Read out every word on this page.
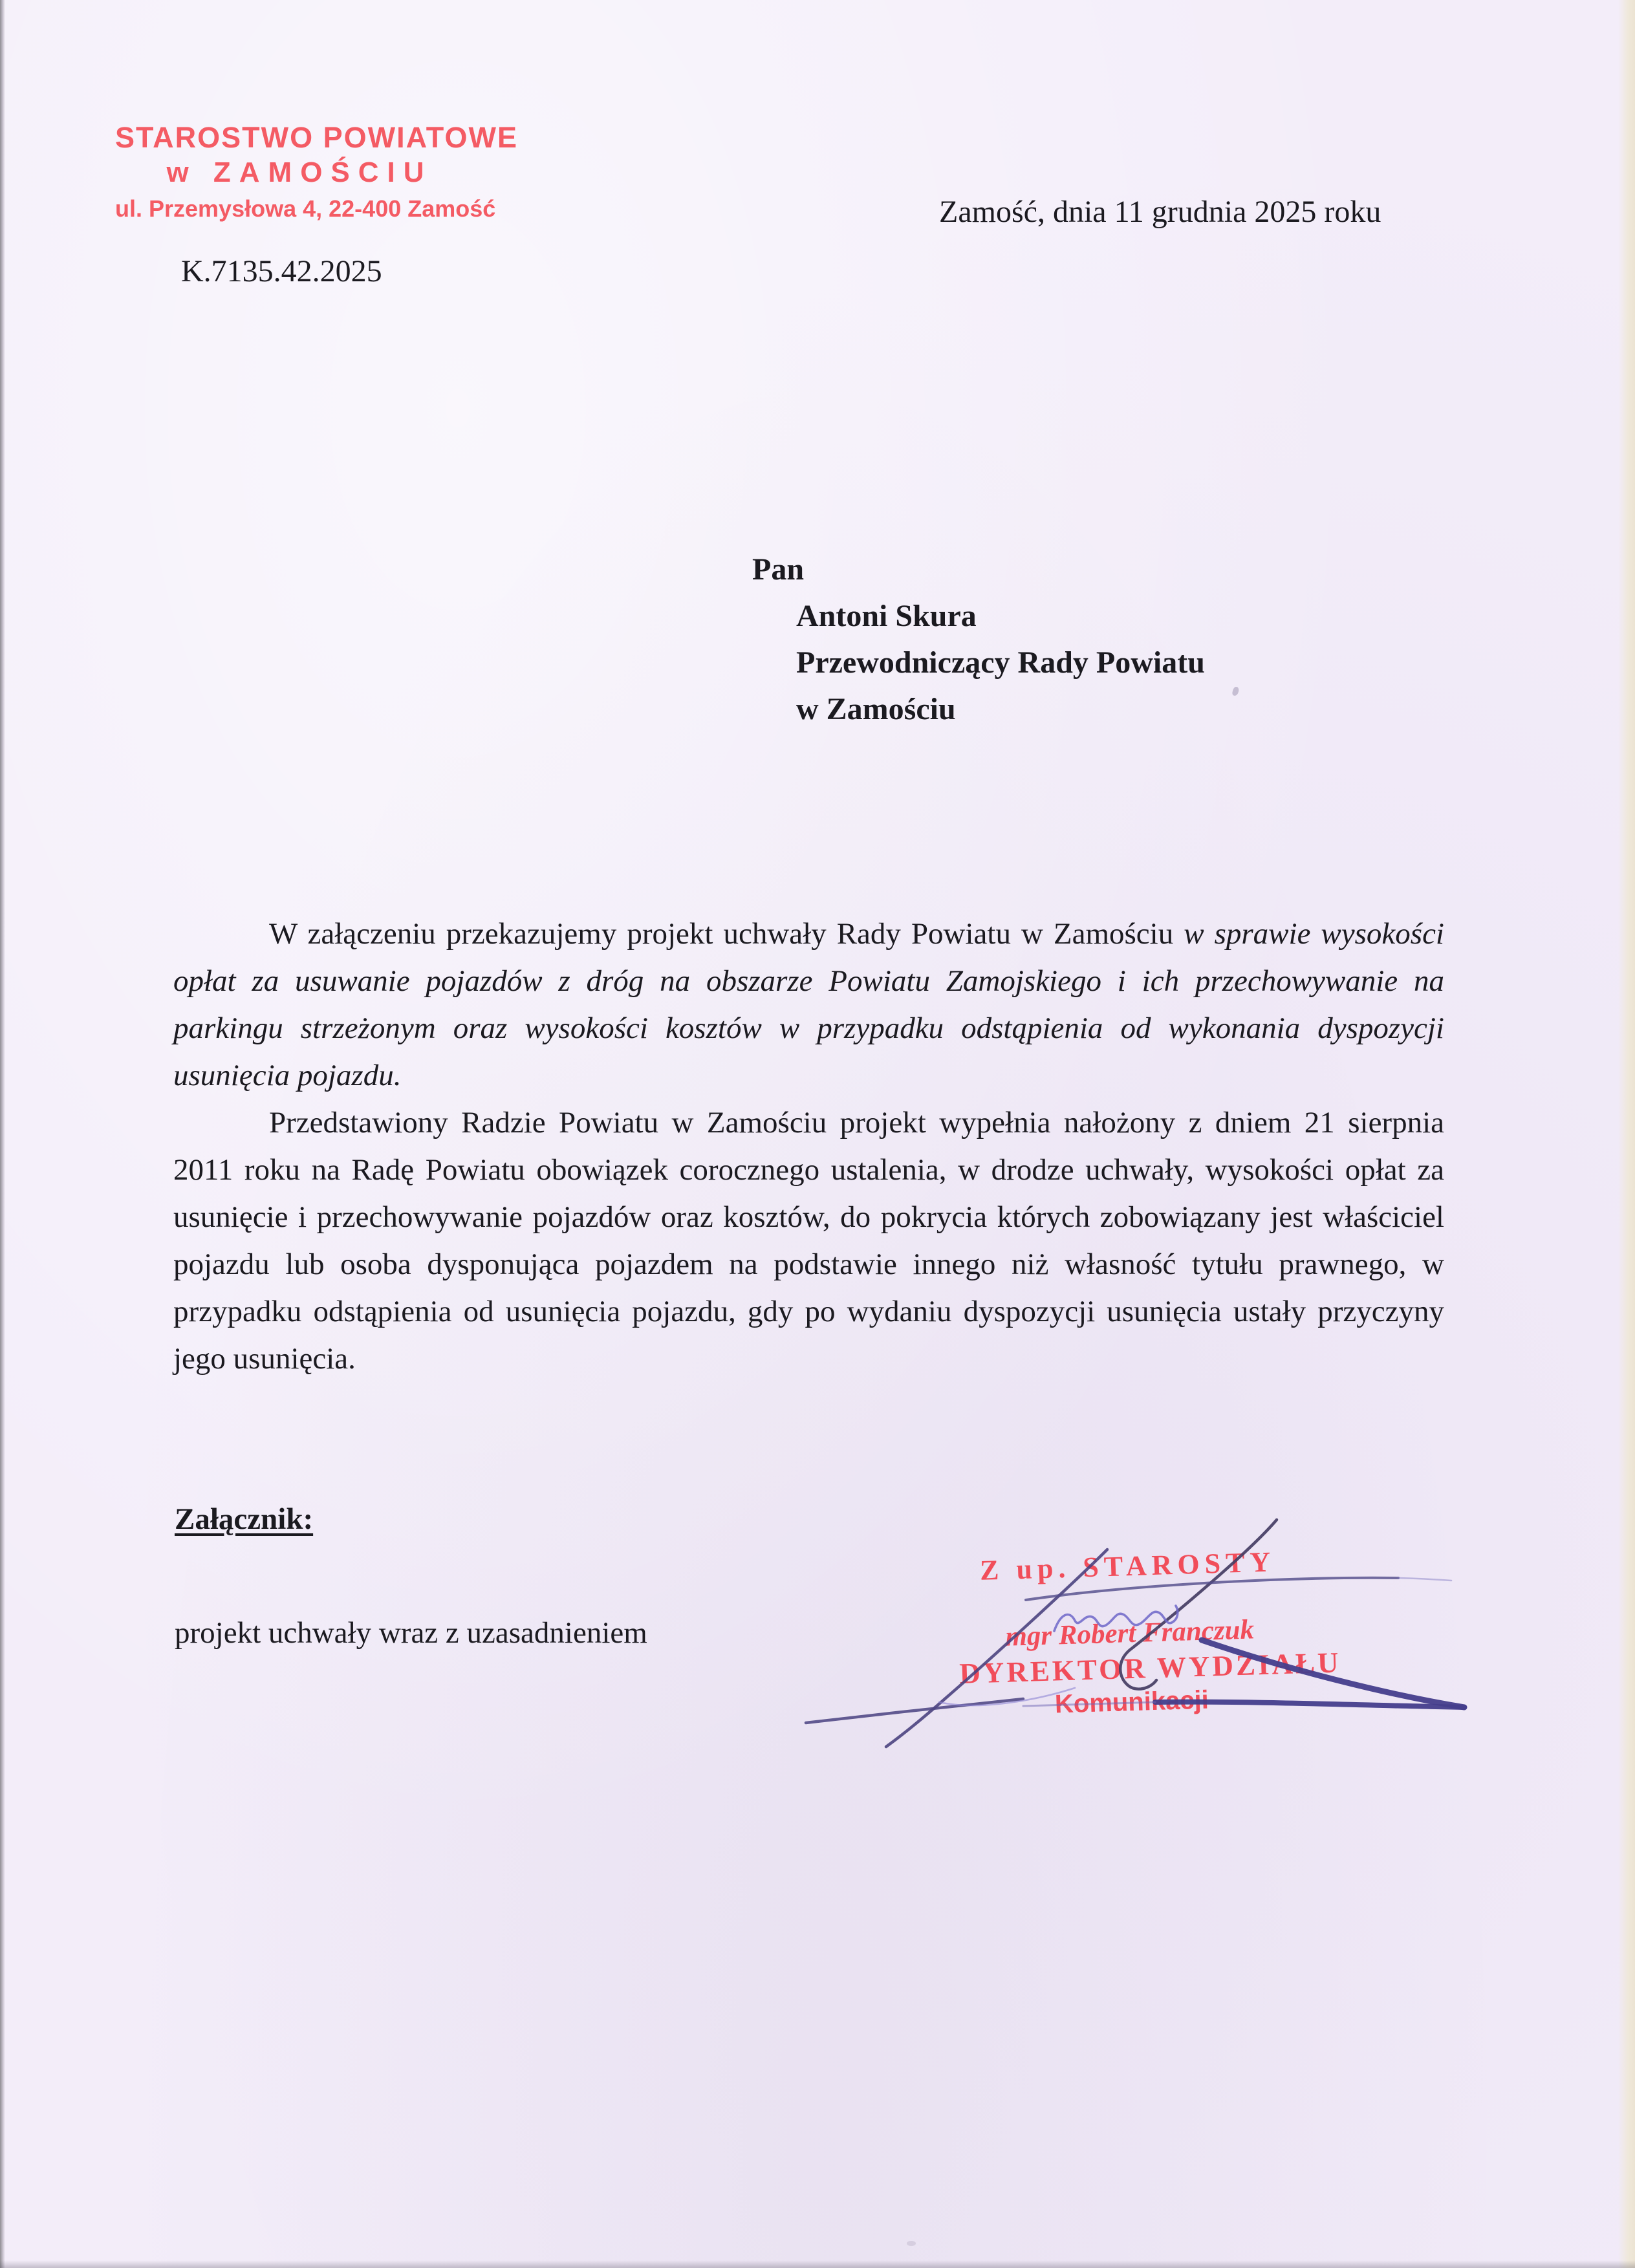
STAROSTWO POWIATOWE
w ZAMOŚCIU
ul. Przemysłowa 4, 22-400 Zamość	Zamość, dnia 11 grudnia 2025 roku
K.7135.42.2025
Pan
Antoni Skura
Przewodniczący Rady Powiatu
w Zamościu

W załączeniu przekazujemy projekt uchwały Rady Powiatu w Zamościu w sprawie wysokości opłat za usuwanie pojazdów z dróg na obszarze Powiatu Zamojskiego i ich przechowywanie na parkingu strzeżonym oraz wysokości kosztów w przypadku odstąpienia od wykonania dyspozycji usunięcia pojazdu.

Przedstawiony Radzie Powiatu w Zamościu projekt wypełnia nałożony z dniem 21 sierpnia 2011 roku na Radę Powiatu obowiązek corocznego ustalenia, w drodze uchwały, wysokości opłat za usunięcie i przechowywanie pojazdów oraz kosztów, do pokrycia których zobowiązany jest właściciel pojazdu lub osoba dysponująca pojazdem na podstawie innego niż własność tytułu prawnego, w przypadku odstąpienia od usunięcia pojazdu, gdy po wydaniu dyspozycji usunięcia ustały przyczyny jego usunięcia.

Załącznik:
projekt uchwały wraz z uzasadnieniem
Z up. STAROSTY
mgr Robert Franczuk
DYREKTOR WYDZIAŁU
Komunikacji
